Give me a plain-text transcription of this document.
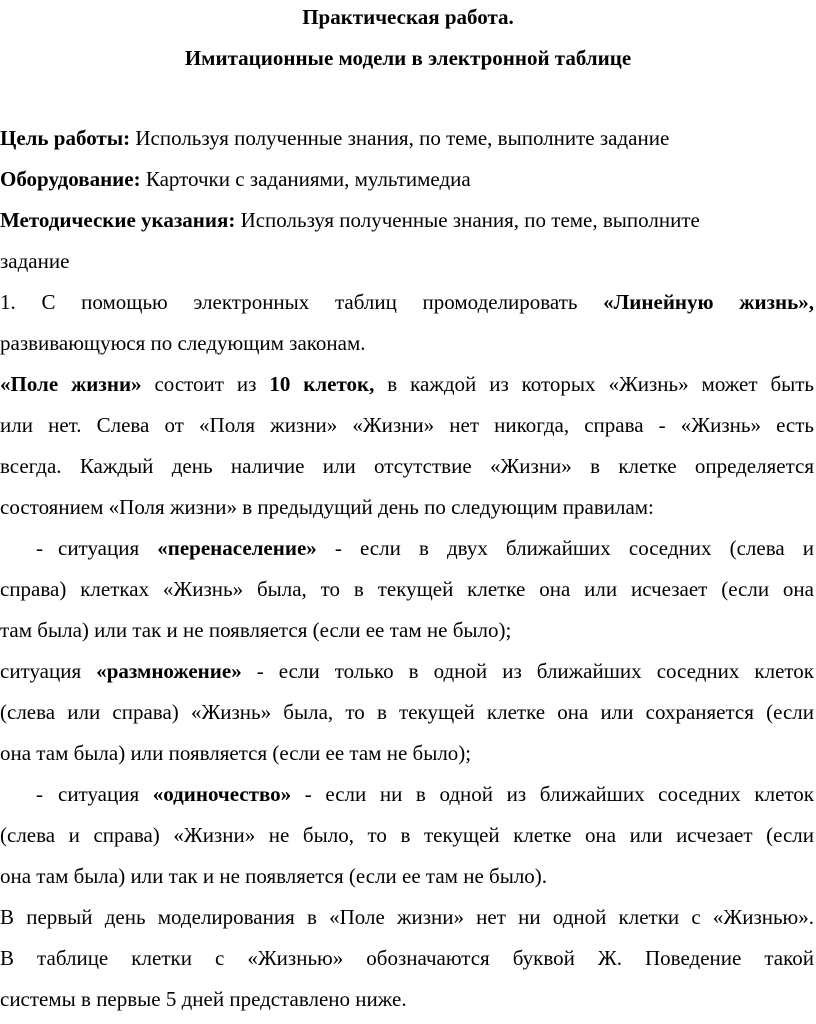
Практическая работа.
Имитационные модели в электронной таблице
Цель работы: Используя полученные знания, по теме, выполните задание
Оборудование: Карточки с заданиями, мультимедиа
Методические указания: Используя полученные знания, по теме, выполните
задание
1. С помощью электронных таблиц промоделировать «Линейную жизнь»,
развивающуюся по следующим законам.
«Поле жизни» состоит из 10 клеток, в каждой из которых «Жизнь» может быть
или нет. Слева от «Поля жизни» «Жизни» нет никогда, справа - «Жизнь» есть
всегда. Каждый день наличие или отсутствие «Жизни» в клетке определяется
состоянием «Поля жизни» в предыдущий день по следующим правилам:
- ситуация «перенаселение» - если в двух ближайших соседних (слева и
справа) клетках «Жизнь» была, то в текущей клетке она или исчезает (если она
там была) или так и не появляется (если ее там не было);
ситуация «размножение» - если только в одной из ближайших соседних клеток
(слева или справа) «Жизнь» была, то в текущей клетке она или сохраняется (если
она там была) или появляется (если ее там не было);
- ситуация «одиночество» - если ни в одной из ближайших соседних клеток
(слева и справа) «Жизни» не было, то в текущей клетке она или исчезает (если
она там была) или так и не появляется (если ее там не было).
В первый день моделирования в «Поле жизни» нет ни одной клетки с «Жизнью».
В таблице клетки с «Жизнью» обозначаются буквой Ж. Поведение такой
системы в первые 5 дней представлено ниже.
